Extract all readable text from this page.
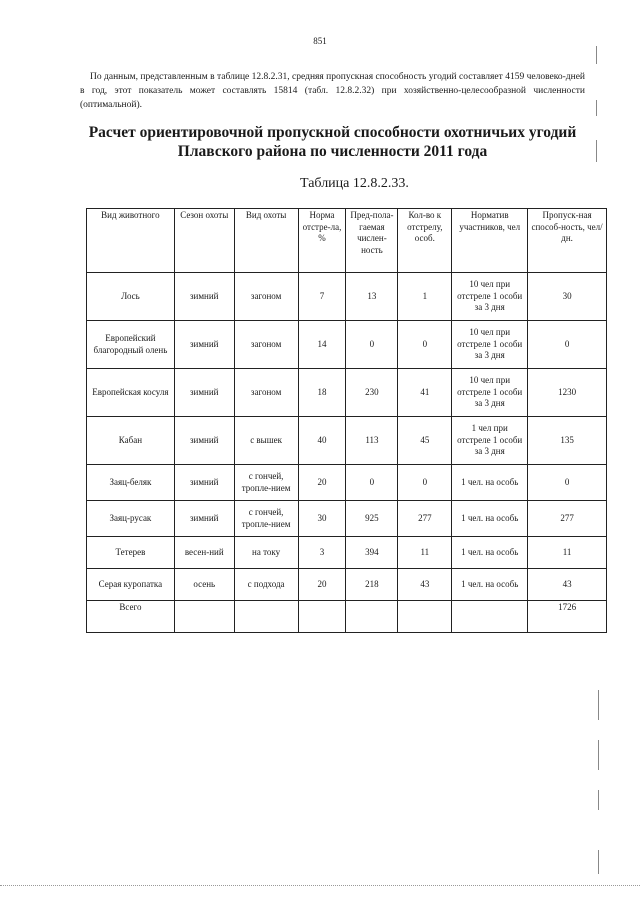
851

По данным, представленным в таблице 12.8.2.31, средняя пропускная способность угодий составляет 4159 человеко-дней в год, этот показатель может составлять 15814 (табл. 12.8.2.32) при хозяйственно-целесообразной численности (оптимальной).

Расчет ориентировочной пропускной способности охотничьих угодий
Плавского района по численности 2011 года
Таблица 12.8.2.33.
Вид животного	Сезон охоты	Вид охоты	Норма отстре-ла, %	Пред-пола-гаемая числен-ность	Кол-во к отстрелу, особ.	Норматив участников, чел	Пропуск-ная способ-ность, чел/дн.
Лось	зимний	загоном	7	13	1	10 чел при отстреле 1 особи за 3 дня	30
Европейский благородный олень	зимний	загоном	14	0	0	10 чел при отстреле 1 особи за 3 дня	0
Европейская косуля	зимний	загоном	18	230	41	10 чел при отстреле 1 особи за 3 дня	1230
Кабан	зимний	с вышек	40	113	45	1 чел при отстреле 1 особи за 3 дня	135
Заяц-беляк	зимний	с гончей, тропле-нием	20	0	0	1 чел. на особь	0
Заяц-русак	зимний	с гончей, тропле-нием	30	925	277	1 чел. на особь	277
Тетерев	весен-ний	на току	3	394	11	1 чел. на особь	11
Серая куропатка	осень	с подхода	20	218	43	1 чел. на особь	43
Всего							1726
